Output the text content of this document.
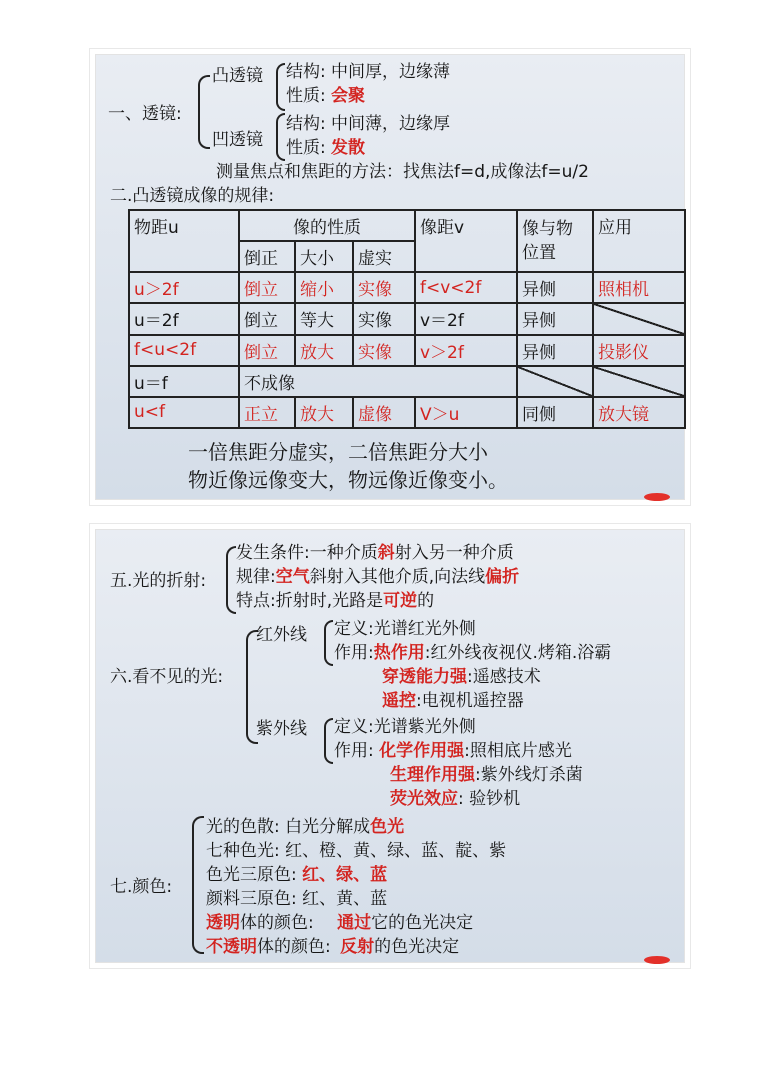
一、透镜:
凸透镜 结构: 中间厚，边缘薄
性质: 会聚
凹透镜
结构: 中间薄，边缘厚
性质: 发散
测量焦点和焦距的方法：找焦法f=d,成像法f=u/2
二.凸透镜成像的规律:
物距u	像的性质			像距v	像与物位置	应用
	倒正	大小	虚实			
u＞2f	倒立	缩小	实像	f<v<2f	异侧	照相机
u＝2f	倒立	等大	实像	v＝2f	异侧	
f<u<2f	倒立	放大	实像	v＞2f	异侧	投影仪
u＝f	不成像					
u<f	正立	放大	虚像	V＞u	同侧	放大镜
一倍焦距分虚实，二倍焦距分大小
物近像远像变大，物远像近像变小。
五.光的折射:
发生条件:一种介质斜射入另一种介质
规律:空气斜射入其他介质,向法线偏折
特点:折射时,光路是可逆的
六.看不见的光:
红外线 定义:光谱红光外侧
作用:热作用:红外线夜视仪.烤箱.浴霸
穿透能力强:遥感技术
遥控:电视机遥控器
紫外线 定义:光谱紫光外侧
作用: 化学作用强:照相底片感光
生理作用强:紫外线灯杀菌
荧光效应: 验钞机
七.颜色:
光的色散: 白光分解成色光
七种色光: 红、橙、黄、绿、蓝、靛、紫
色光三原色: 红、绿、蓝
颜料三原色: 红、黄、蓝
透明体的颜色: 通过它的色光决定
不透明体的颜色: 反射的色光决定
